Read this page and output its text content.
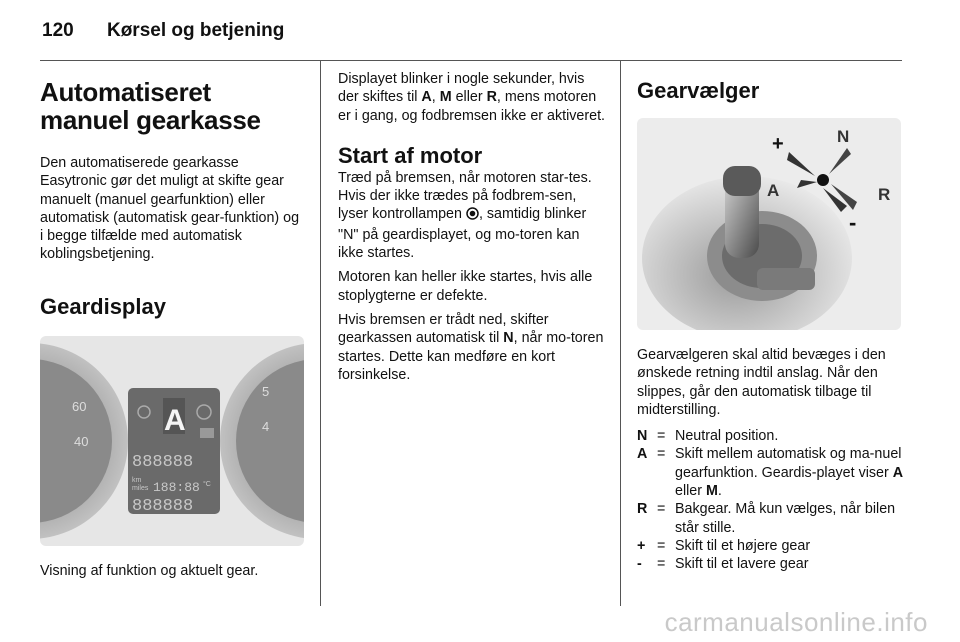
120 Kørsel og betjening
Automatiseret manuel gearkasse

Den automatiserede gearkasse Easytronic gør det muligt at skifte gear manuelt (manuel gearfunktion) eller automatisk (automatisk gear-funktion) og i begge tilfælde med automatisk koblingsbetjening.

Geardisplay
60
40
5
4
A
888888
km
miles 188:88 °C
888888

Visning af funktion og aktuelt gear.

Displayet blinker i nogle sekunder, hvis der skiftes til A, M eller R, mens motoren er i gang, og fodbremsen ikke er aktiveret.

Start af motor

Træd på bremsen, når motoren star-tes. Hvis der ikke trædes på fodbrem-sen, lyser kontrollampen , samtidig blinker "N" på geardisplayet, og mo-toren kan ikke startes.

Motoren kan heller ikke startes, hvis alle stoplygterne er defekte.

Hvis bremsen er trådt ned, skifter gearkassen automatisk til N, når mo-toren startes. Dette kan medføre en kort forsinkelse.

Gearvælger
+	N
R
A
-

Gearvælgeren skal altid bevæges i den ønskede retning indtil anslag. Når den slippes, går den automatisk tilbage til midterstilling.

N = Neutral position.
A = Skift mellem automatisk og ma-nuel gearfunktion. Geardis-playet viser A eller M.
R = Bakgear. Må kun vælges, når bilen står stille.
+ = Skift til et højere gear
-	= Skift til et lavere gear
carmanualsonline.info
